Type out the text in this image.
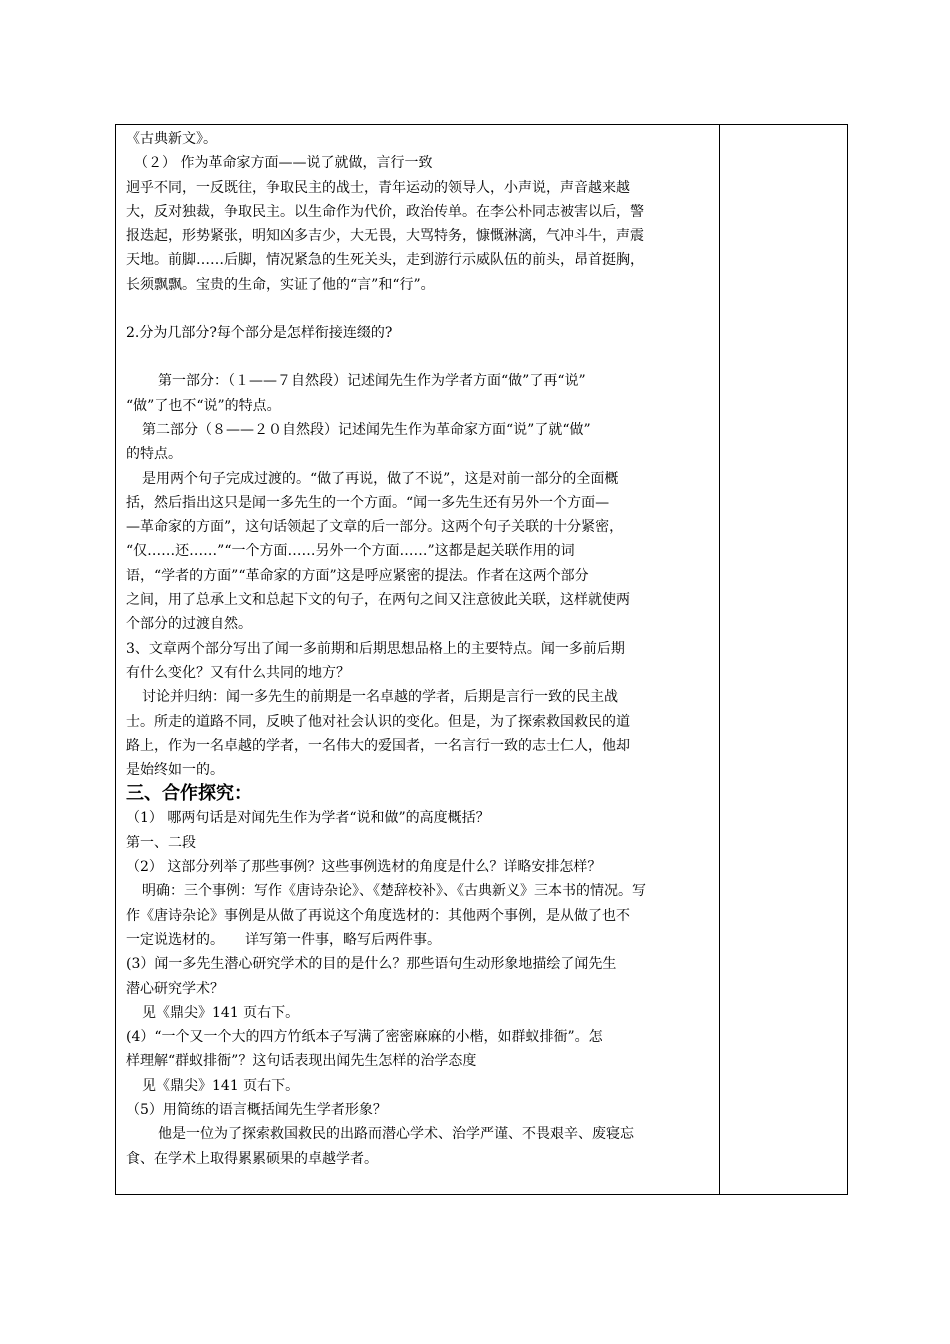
《古典新文》。
（２） 作为革命家方面——说了就做，言行一致
迥乎不同，一反既往，争取民主的战士，青年运动的领导人，小声说，声音越来越
大，反对独裁，争取民主。以生命作为代价，政治传单。在李公朴同志被害以后，警
报迭起，形势紧张，明知凶多吉少，大无畏，大骂特务，慷慨淋漓，气冲斗牛，声震
天地。前脚……后脚，情况紧急的生死关头，走到游行示威队伍的前头，昂首挺胸，
长须飘飘。宝贵的生命，实证了他的“言”和“行”。
2.分为几部分?每个部分是怎样衔接连缀的?
第一部分：（１——７自然段）记述闻先生作为学者方面“做”了再“说”
“做”了也不“说”的特点。
第二部分（８——２０自然段）记述闻先生作为革命家方面“说”了就“做”
的特点。
是用两个句子完成过渡的。“做了再说，做了不说”，这是对前一部分的全面概
括，然后指出这只是闻一多先生的一个方面。“闻一多先生还有另外一个方面—
—革命家的方面”，这句话领起了文章的后一部分。这两个句子关联的十分紧密，
“仅……还……”“一个方面……另外一个方面……”这都是起关联作用的词
语，“学者的方面”“革命家的方面”这是呼应紧密的提法。作者在这两个部分
之间，用了总承上文和总起下文的句子，在两句之间又注意彼此关联，这样就使两
个部分的过渡自然。
3、文章两个部分写出了闻一多前期和后期思想品格上的主要特点。闻一多前后期
有什么变化？又有什么共同的地方？
讨论并归纳：闻一多先生的前期是一名卓越的学者，后期是言行一致的民主战
士。所走的道路不同，反映了他对社会认识的变化。但是，为了探索救国救民的道
路上，作为一名卓越的学者，一名伟大的爱国者，一名言行一致的志士仁人，他却
是始终如一的。
三、合作探究：
（1） 哪两句话是对闻先生作为学者“说和做”的高度概括？
第一、二段
（2） 这部分列举了那些事例？这些事例选材的角度是什么？详略安排怎样？
明确：三个事例：写作《唐诗杂论》、《楚辞校补》、《古典新义》三本书的情况。写
作《唐诗杂论》事例是从做了再说这个角度选材的：其他两个事例，是从做了也不
一定说选材的。　　详写第一件事，略写后两件事。
(3）闻一多先生潜心研究学术的目的是什么？那些语句生动形象地描绘了闻先生
潜心研究学术？
见《鼎尖》141 页右下。
(4）“一个又一个大的四方竹纸本子写满了密密麻麻的小楷，如群蚁排衙”。怎
样理解“群蚁排衙”？这句话表现出闻先生怎样的治学态度
见《鼎尖》141 页右下。
（5）用简练的语言概括闻先生学者形象？
他是一位为了探索救国救民的出路而潜心学术、治学严谨、不畏艰辛、废寝忘
食、在学术上取得累累硕果的卓越学者。
